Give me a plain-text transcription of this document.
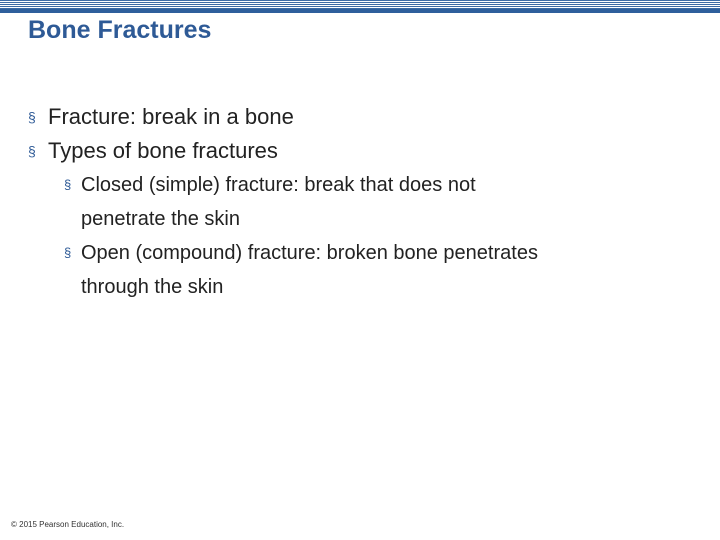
Bone Fractures
§ Fracture: break in a bone
§ Types of bone fractures
§ Closed (simple) fracture: break that does not
penetrate the skin
§ Open (compound) fracture: broken bone penetrates
through the skin
© 2015 Pearson Education, Inc.
